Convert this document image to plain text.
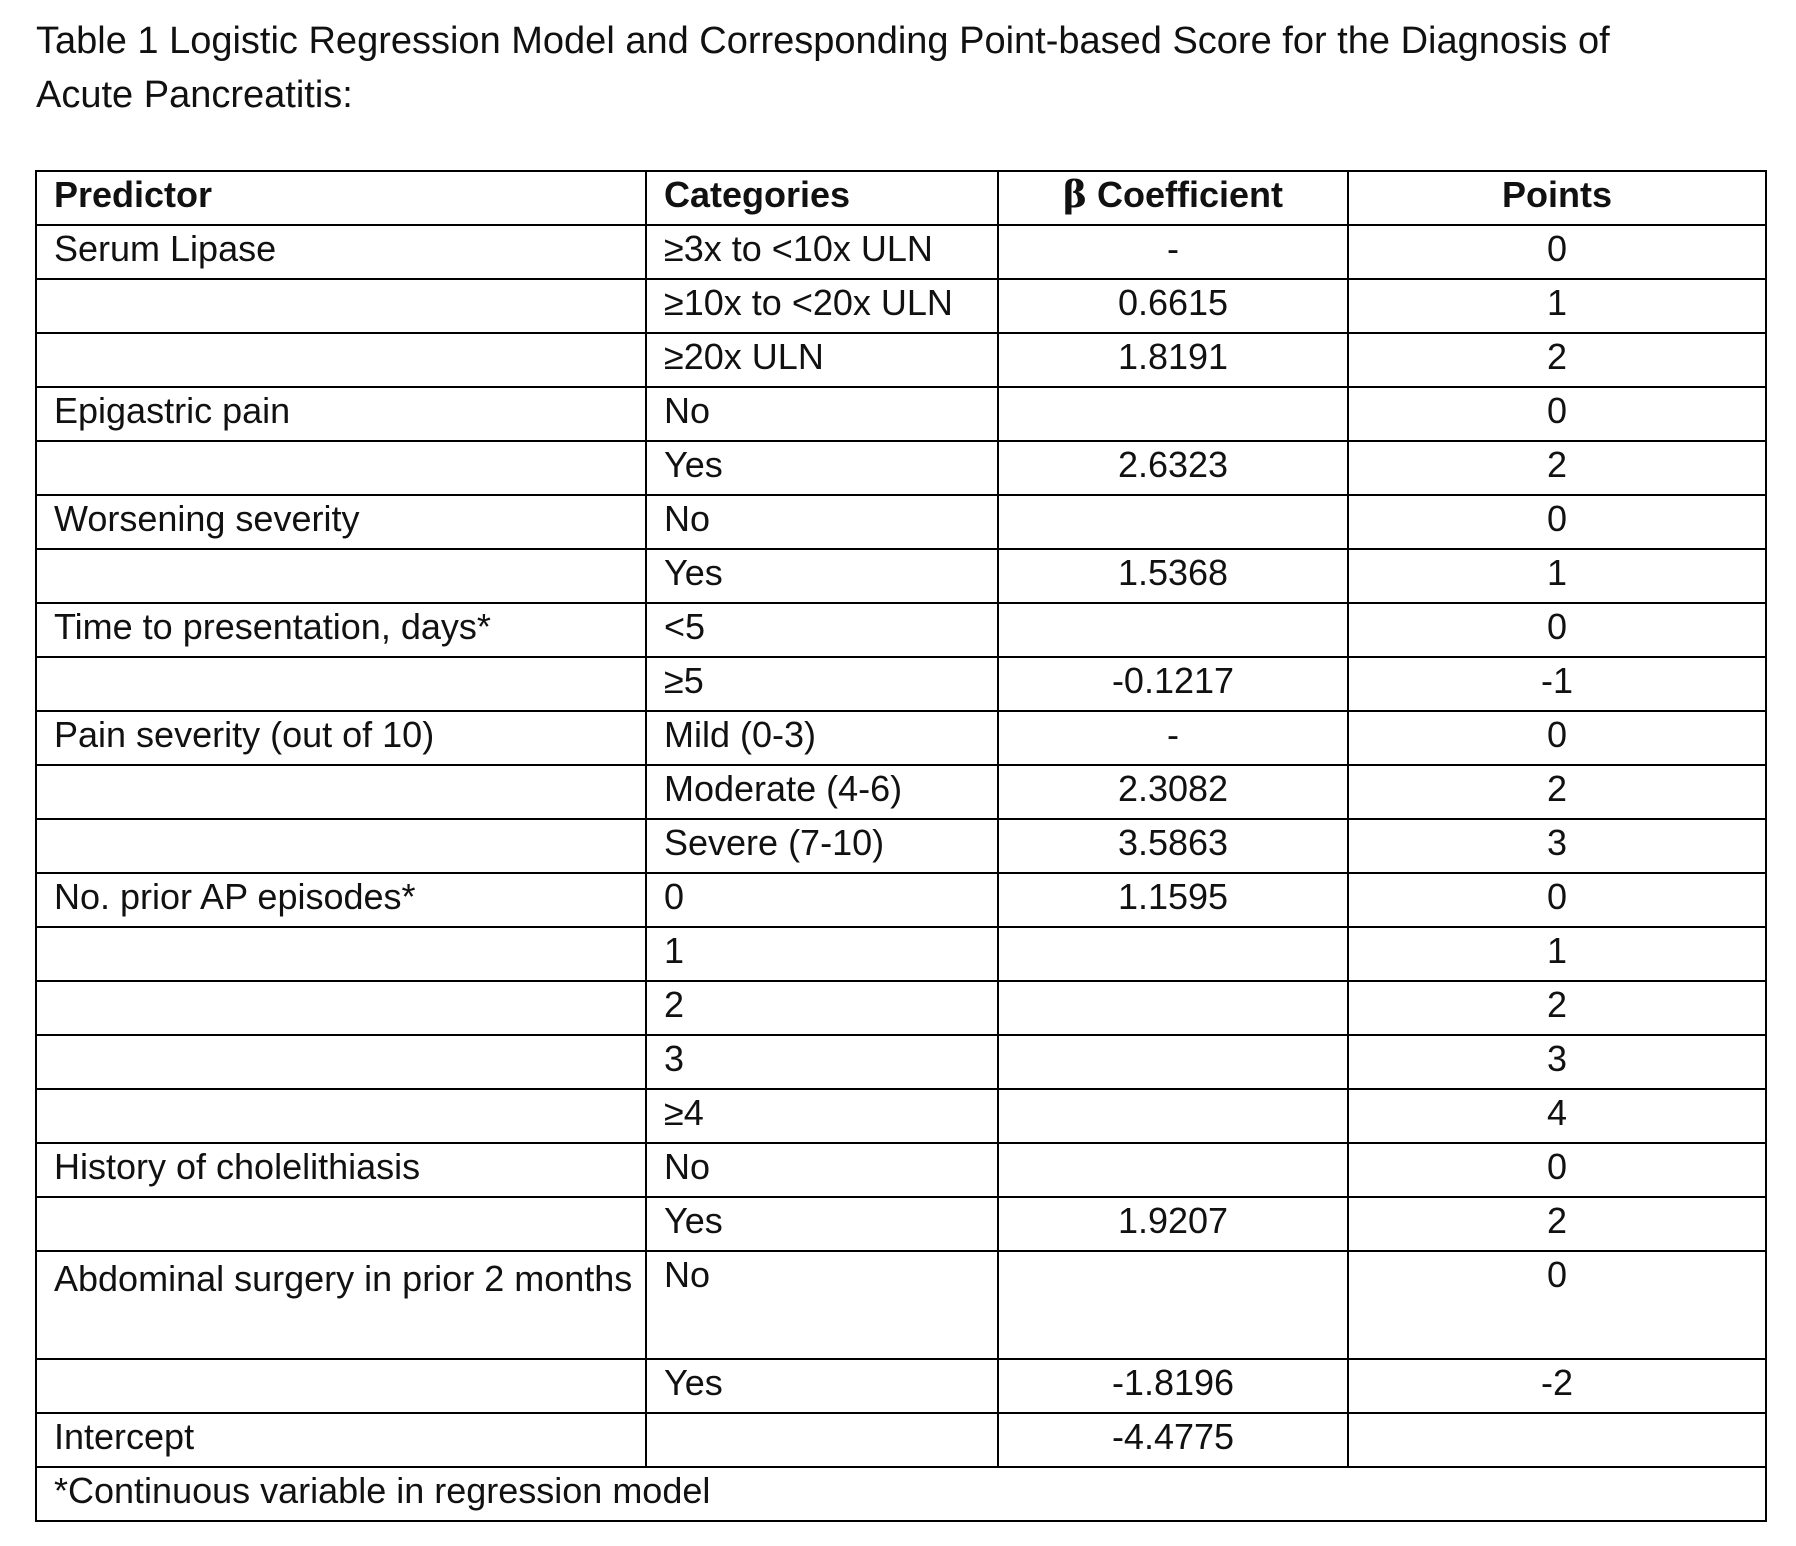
Table 1 Logistic Regression Model and Corresponding Point-based Score for the Diagnosis of
Acute Pancreatitis:
Predictor	Categories	β Coefficient	Points
Serum Lipase	≥3x to <10x ULN	-	0
	≥10x to <20x ULN	0.6615	1
	≥20x ULN	1.8191	2
Epigastric pain	No		0
	Yes	2.6323	2
Worsening severity	No		0
	Yes	1.5368	1
Time to presentation, days*	<5		0
	≥5	-0.1217	-1
Pain severity (out of 10)	Mild (0-3)	-	0
	Moderate (4-6)	2.3082	2
	Severe (7-10)	3.5863	3
No. prior AP episodes*	0	1.1595	0
	1		1
	2		2
	3		3
	≥4		4
History of cholelithiasis	No		0
	Yes	1.9207	2
Abdominal surgery in prior 2 months	No		0
	Yes	-1.8196	-2
Intercept		-4.4775	
*Continuous variable in regression model			
